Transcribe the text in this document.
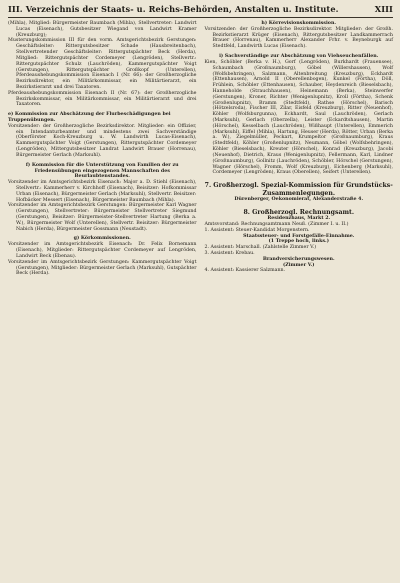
III. Verzeichnis der Staats- u. Reichs-Behörden, Anstalten u. Institute.	XIII

(Mihla), Mitglied: Bürgermeister Baumbach (Mihla), Stellvertreter: Landwirt Lucas (Eisenach), Gutsbesitzer Wiegand von Landwirt Kramer (Kreuzburg);

Musterungskommission III für den vorm. Amtsgerichtsbezirk Gerstungen: Geschäftsleiter: Rittergutsbesitzer Schade (Hausbreitenbach), Stellvertretender Geschäftsleiter: Rittergutspächter Beck (Herda), Mitglied: Rittergutspächter Cordemeyer (Lengröden), Stellvertr.: Rittergutspächter Schulz (Lauchröden), Kammergutspächter Voigt (Gerstungen), Rittergutspächter Großkopf (Unterellen), Pferdeaushebungskommission Eisenach I (Nr. 66): der Großherzogliche Bezirksdirektor, ein Militärkommissar, ein Militärtierarzt, ein Bezirkstierarzt und drei Taxatoren.

Pferdeaushebungskommission Eisenach II (Nr. 67): der Großherzogliche Bezirkskommissar, ein Militärkommissar, ein Militärtierarzt und drei Taxatoren.

e) Kommission zur Abschätzung der Flurbeschädigungen bei Truppenübungen.

Vorsitzender: der Großherzogliche Bezirksdirektor. Mitglieder: ein Offizier, ein Intendanturbeamter und mindestens zwei Sachverständige (Oberförster Koch-Kreuzburg u. W. Landwirth Lucas-Eisenach), Kammergutspächter Voigt (Gerstungen), Rittergutspächter Cordemeyer (Lengröden), Mittergutsbesitzer Landrat Landwirt Brauer (Horrenau), Bürgermeister Gerlach (Marksuhl).

f) Kommission für die Unterstützung von Familien der zu Friedensübungen eingezogenen Mannschaften des Beurlaubtenstandes.

Vorsitzender im Amtsgerichtsbezirk Eisenach: Major a. D. Stiehl (Eisenach), Stellvertr.: Kammerherr v. Kirchhoff (Eisenach), Beisitzer: Hofkommissar Urban (Eisenach), Bürgermeister Gerlach (Marksuhl), Stellvertr. Beisitzer: Hofbäcker Messert (Eisenach), Bürgermeister Baumbach (Mihla).

Vorsitzender im Amtsgerichtsbezirk Gerstungen: Bürgermeister Karl Wagner (Gerstungen), Stellvertreter: Bürgermeister Stellvertreter Siegmund (Gerstungen), Beisitzer: Bürgermeister-Stellvertreter Hartung (Berka a. W.), Bürgermeister Wolf (Unterellen), Stellvertr. Beisitzer: Bürgermeister Nabich (Herda), Bürgermeister Gossmann (Neustadt).

g) Körkommissionen.

Vorsitzender im Amtsgerichtsbezirk Eisenach: Dr. Felix Bornemann (Eisenach), Mitglieder: Rittergutspächter Cordemeyer auf Lengröden, Landwirt Beck (Ebenau).

Vorsitzender im Amtsgerichtsbezirk Gerstungen: Kammergutspächter Voigt (Gerstungen), Mitglieder: Bürgermeister Gerlach (Marksuhl), Gutspächter Beck (Herda).

h) Körrevisionskommission.

Vorsitzender: der Großherzogliche Bezirksdirektor. Mitglieder: der Großh. Bezirkstierarzt Krüger (Eisenach), Rittergutsbesitzer Landkammerrach Brauer (Horrenau), Kammerherr Alexander Frhr. v. Beyneburgk auf Stedtfeld, Landwirth Lucas (Eisenach).

i) Sachverständige zur Abschätzung von Viehseuchenfällen.

Kien, Schöbler (Berka v. H.), Gorf (Lengröden), Burkhardt (Frauensee), Schaumbach (Großnaumburg), Göbel (Willershausen), Wolf (Wolfsbehringen), Salzmann, Altenbreitung (Kreuzburg), Eckhardt (Ettenhausen), Arnold II (Oberellenbogen), Kunkel (Förtha), Döll, Frühlein, Schöbler (Ettenhausen), Schauber, Heydenreich (Bieselsbach), Hanneholde (Strauchhausen), Heinemann (Berka), Steinwerfer (Gerstungen), Kroner, Richter (Wenigenlupnitz), Kroll (Förtha), Schenk (Großenlupnitz), Bramm (Stedtfeld), Rathse (Hörschel), Barisch (Hötzelsroda), Fischer III, Zilar, Eisfeld (Kreuzburg), Ritter (Neuenhof), Köhler (Wolfsburgunna), Eckhardt, Saul (Lauchröden), Gerlach (Marksuhl), Gerlach (Oberzella), Leister (Eckardtshausen), Martin (Hörschel), Kesselbach (Lauchröden), Wißhaupt (Unterellen), Emmerich (Marksuhl), Eiffel (Mihla), Hartung, Heuser (Herda), Rötter, Urban (Berka a. W.), Ziegelmüller, Peckart, Krumpeltor (Großnaumburg), Kraus (Stedtfeld), Köhler (Großenlupnitz), Neumann, Göbel (Wolfsbehringen), Köhler (Bieselsbach), Kreuter (Hörschel), Konrad (Kreuzburg), Jacobi (Neuenhof), Dietrich, Kraus (Wenigenlupnitz), Fellermann, Karl, Lindner (Großnaumburg), Gollnitz (Lauchröden), Schöbler, Hörschel (Gerstungen), Wagner (Hörschel), Fromm, Wolf (Kreuzburg), Eichenberg (Marksuhl), Cordemeyer (Lengröden), Kraus (Oberellen), Seifert (Unterellen).

7. Großherzogl. Spezial-Kommission für Grundstücks-Zusammenlegungen.

Dürenberger, Oekonomierat, Alexanderstraße 4.

8. Großherzogl. Rechnungsamt.

Residenzhaus, Markt 2.

Amtsvorstand: Rechnungsamtmann Neuß. (Zimmer I. u. II.)

1. Assistent: Steuer-Kandidat Morgenstern.

Staatssteuer- und Forstgefälle-Einnahme.

(1 Treppe hoch, links.)

2. Assistent: Marschall. (Zahlstelle Zimmer V.)

3. Assistent: Krebau.

Brandversicherungswesen.

(Zimmer V.)

4. Assistent: Kassierer Salzmann.
